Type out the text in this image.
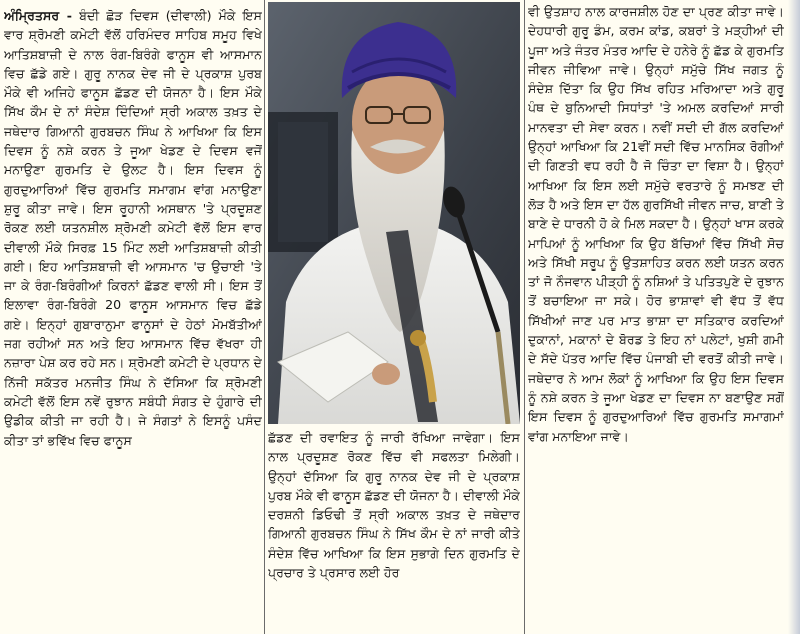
ਅੰਮ੍ਰਿਤਸਰ - ਬੰਦੀ ਛੋੜ ਦਿਵਸ (ਦੀਵਾਲੀ) ਮੌਕੇ ਇਸ ਵਾਰ ਸ਼੍ਰੋਮਣੀ ਕਮੇਟੀ ਵੱਲੋਂ ਹਰਿਮੰਦਰ ਸਾਹਿਬ ਸਮੂਹ ਵਿਖੇ ਆਤਿਸ਼ਬਾਜ਼ੀ ਦੇ ਨਾਲ ਰੰਗ-ਬਿਰੰਗੇ ਫਾਨੂਸ ਵੀ ਆਸਮਾਨ ਵਿਚ ਛੱਡੇ ਗਏ। ਗੁਰੂ ਨਾਨਕ ਦੇਵ ਜੀ ਦੇ ਪ੍ਰਕਾਸ਼ ਪੁਰਬ ਮੌਕੇ ਵੀ ਅਜਿਹੇ ਫਾਨੂਸ ਛੱਡਣ ਦੀ ਯੋਜਨਾ ਹੈ। ਇਸ ਮੌਕੇ ਸਿੱਖ ਕੌਮ ਦੇ ਨਾਂ ਸੰਦੇਸ਼ ਦਿੰਦਿਆਂ ਸ੍ਰੀ ਅਕਾਲ ਤਖ਼ਤ ਦੇ ਜਥੇਦਾਰ ਗਿਆਨੀ ਗੁਰਬਚਨ ਸਿੰਘ ਨੇ ਆਖਿਆ ਕਿ ਇਸ ਦਿਵਸ ਨੂੰ ਨਸ਼ੇ ਕਰਨ ਤੇ ਜੂਆ ਖੇਡਣ ਦੇ ਦਿਵਸ ਵਜੋਂ ਮਨਾਉਣਾ ਗੁਰਮਤਿ ਦੇ ਉਲਟ ਹੈ। ਇਸ ਦਿਵਸ ਨੂੰ ਗੁਰਦੁਆਰਿਆਂ ਵਿੱਚ ਗੁਰਮਤਿ ਸਮਾਗਮ ਵਾਂਗ ਮਨਾਉਣਾ ਸ਼ੁਰੂ ਕੀਤਾ ਜਾਵੇ। ਇਸ ਰੂਹਾਨੀ ਅਸਥਾਨ 'ਤੇ ਪ੍ਰਦੂਸ਼ਣ ਰੋਕਣ ਲਈ ਯਤਨਸ਼ੀਲ ਸ਼੍ਰੋਮਣੀ ਕਮੇਟੀ ਵੱਲੋਂ ਇਸ ਵਾਰ ਦੀਵਾਲੀ ਮੌਕੇ ਸਿਰਫ਼ 15 ਮਿੰਟ ਲਈ ਆਤਿਸ਼ਬਾਜ਼ੀ ਕੀਤੀ ਗਈ। ਇਹ ਆਤਿਸ਼ਬਾਜ਼ੀ ਵੀ ਆਸਮਾਨ 'ਚ ਉਚਾਈ 'ਤੇ ਜਾ ਕੇ ਰੰਗ-ਬਿਰੰਗੀਆਂ ਕਿਰਨਾਂ ਛੱਡਣ ਵਾਲੀ ਸੀ। ਇਸ ਤੋਂ ਇਲਾਵਾ ਰੰਗ-ਬਿਰੰਗੇ 20 ਫਾਨੂਸ ਆਸਮਾਨ ਵਿਚ ਛੱਡੇ ਗਏ। ਇਨ੍ਹਾਂ ਗੁਬਾਰਾਨੁਮਾ ਫਾਨੂਸਾਂ ਦੇ ਹੇਠਾਂ ਮੋਮਬੱਤੀਆਂ ਜਗ ਰਹੀਆਂ ਸਨ ਅਤੇ ਇਹ ਆਸਮਾਨ ਵਿੱਚ ਵੱਖਰਾ ਹੀ ਨਜ਼ਾਰਾ ਪੇਸ਼ ਕਰ ਰਹੇ ਸਨ। ਸ਼੍ਰੋਮਣੀ ਕਮੇਟੀ ਦੇ ਪ੍ਰਧਾਨ ਦੇ ਨਿੱਜੀ ਸਕੱਤਰ ਮਨਜੀਤ ਸਿੰਘ ਨੇ ਦੱਸਿਆ ਕਿ ਸ਼੍ਰੋਮਣੀ ਕਮੇਟੀ ਵੱਲੋਂ ਇਸ ਨਵੇਂ ਰੁਝਾਨ ਸਬੰਧੀ ਸੰਗਤ ਦੇ ਹੁੰਗਾਰੇ ਦੀ ਉਡੀਕ ਕੀਤੀ ਜਾ ਰਹੀ ਹੈ। ਜੇ ਸੰਗਤਾਂ ਨੇ ਇਸਨੂੰ ਪਸੰਦ ਕੀਤਾ ਤਾਂ ਭਵਿੱਖ ਵਿਚ ਫਾਨੂਸ	ਛੱਡਣ ਦੀ ਰਵਾਇਤ ਨੂੰ ਜਾਰੀ ਰੱਖਿਆ ਜਾਵੇਗਾ। ਇਸ ਨਾਲ ਪ੍ਰਦੂਸ਼ਣ ਰੋਕਣ ਵਿੱਚ ਵੀ ਸਫਲਤਾ ਮਿਲੇਗੀ। ਉਨ੍ਹਾਂ ਦੱਸਿਆ ਕਿ ਗੁਰੂ ਨਾਨਕ ਦੇਵ ਜੀ ਦੇ ਪ੍ਰਕਾਸ਼ ਪੁਰਬ ਮੌਕੇ ਵੀ ਫਾਨੂਸ ਛੱਡਣ ਦੀ ਯੋਜਨਾ ਹੈ। ਦੀਵਾਲੀ ਮੌਕੇ ਦਰਸ਼ਨੀ ਡਿਓਢੀ ਤੋਂ ਸ੍ਰੀ ਅਕਾਲ ਤਖ਼ਤ ਦੇ ਜਥੇਦਾਰ ਗਿਆਨੀ ਗੁਰਬਚਨ ਸਿੰਘ ਨੇ ਸਿੱਖ ਕੌਮ ਦੇ ਨਾਂ ਜਾਰੀ ਕੀਤੇ ਸੰਦੇਸ਼ ਵਿੱਚ ਆਖਿਆ ਕਿ ਇਸ ਸੁਭਾਗੇ ਦਿਨ ਗੁਰਮਤਿ ਦੇ ਪ੍ਰਚਾਰ ਤੇ ਪ੍ਰਸਾਰ ਲਈ ਹੋਰ

ਵੀ ਉਤਸ਼ਾਹ ਨਾਲ ਕਾਰਜਸ਼ੀਲ ਹੋਣ ਦਾ ਪ੍ਰਣ ਕੀਤਾ ਜਾਵੇ। ਦੇਹਧਾਰੀ ਗੁਰੂ ਡੰਮ, ਕਰਮ ਕਾਂਡ, ਕਬਰਾਂ ਤੇ ਮੜ੍ਹੀਆਂ ਦੀ ਪੂਜਾ ਅਤੇ ਜੰਤਰ ਮੰਤਰ ਆਦਿ ਦੇ ਹਨੇਰੇ ਨੂੰ ਛੱਡ ਕੇ ਗੁਰਮਤਿ ਜੀਵਨ ਜੀਵਿਆ ਜਾਵੇ। ਉਨ੍ਹਾਂ ਸਮੁੱਚੇ ਸਿੱਖ ਜਗਤ ਨੂੰ ਸੰਦੇਸ਼ ਦਿੱਤਾ ਕਿ ਉਹ ਸਿੱਖ ਰਹਿਤ ਮਰਿਆਦਾ ਅਤੇ ਗੁਰੂ ਪੰਥ ਦੇ ਬੁਨਿਆਦੀ ਸਿਧਾਂਤਾਂ 'ਤੇ ਅਮਲ ਕਰਦਿਆਂ ਸਾਰੀ ਮਾਨਵਤਾ ਦੀ ਸੇਵਾ ਕਰਨ। ਨਵੀਂ ਸਦੀ ਦੀ ਗੱਲ ਕਰਦਿਆਂ ਉਨ੍ਹਾਂ ਆਖਿਆ ਕਿ 21ਵੀਂ ਸਦੀ ਵਿੱਚ ਮਾਨਸਿਕ ਰੋਗੀਆਂ ਦੀ ਗਿਣਤੀ ਵਧ ਰਹੀ ਹੈ ਜੋ ਚਿੰਤਾ ਦਾ ਵਿਸ਼ਾ ਹੈ। ਉਨ੍ਹਾਂ ਆਖਿਆ ਕਿ ਇਸ ਲਈ ਸਮੁੱਚੇ ਵਰਤਾਰੇ ਨੂੰ ਸਮਝਣ ਦੀ ਲੋੜ ਹੈ ਅਤੇ ਇਸ ਦਾ ਹੱਲ ਗੁਰਸਿੱਖੀ ਜੀਵਨ ਜਾਚ, ਬਾਣੀ ਤੇ ਬਾਣੇ ਦੇ ਧਾਰਨੀ ਹੋ ਕੇ ਮਿਲ ਸਕਦਾ ਹੈ। ਉਨ੍ਹਾਂ ਖਾਸ ਕਰਕੇ ਮਾਪਿਆਂ ਨੂੰ ਆਖਿਆ ਕਿ ਉਹ ਬੱਚਿਆਂ ਵਿੱਚ ਸਿੱਖੀ ਸੋਚ ਅਤੇ ਸਿੱਖੀ ਸਰੂਪ ਨੂੰ ਉਤਸ਼ਾਹਿਤ ਕਰਨ ਲਈ ਯਤਨ ਕਰਨ ਤਾਂ ਜੋ ਨੌਜਵਾਨ ਪੀੜ੍ਹੀ ਨੂੰ ਨਸ਼ਿਆਂ ਤੇ ਪਤਿਤਪੁਣੇ ਦੇ ਰੁਝਾਨ ਤੋਂ ਬਚਾਇਆ ਜਾ ਸਕੇ। ਹੋਰ ਭਾਸ਼ਾਵਾਂ ਵੀ ਵੱਧ ਤੋਂ ਵੱਧ ਸਿੱਖੀਆਂ ਜਾਣ ਪਰ ਮਾਤ ਭਾਸ਼ਾ ਦਾ ਸਤਿਕਾਰ ਕਰਦਿਆਂ ਦੁਕਾਨਾਂ, ਮਕਾਨਾਂ ਦੇ ਬੋਰਡ ਤੇ ਇਹ ਨਾਂ ਪਲੇਟਾਂ, ਖੁਸ਼ੀ ਗਮੀ ਦੇ ਸੱਦੇ ਪੱਤਰ ਆਦਿ ਵਿੱਚ ਪੰਜਾਬੀ ਦੀ ਵਰਤੋਂ ਕੀਤੀ ਜਾਵੇ। ਜਥੇਦਾਰ ਨੇ ਆਮ ਲੋਕਾਂ ਨੂੰ ਆਖਿਆ ਕਿ ਉਹ ਇਸ ਦਿਵਸ ਨੂੰ ਨਸ਼ੇ ਕਰਨ ਤੇ ਜੂਆ ਖੇਡਣ ਦਾ ਦਿਵਸ ਨਾ ਬਣਾਉਣ ਸਗੋਂ ਇਸ ਦਿਵਸ ਨੂੰ ਗੁਰਦੁਆਰਿਆਂ ਵਿੱਚ ਗੁਰਮਤਿ ਸਮਾਗਮਾਂ ਵਾਂਗ ਮਨਾਇਆ ਜਾਵੇ।
